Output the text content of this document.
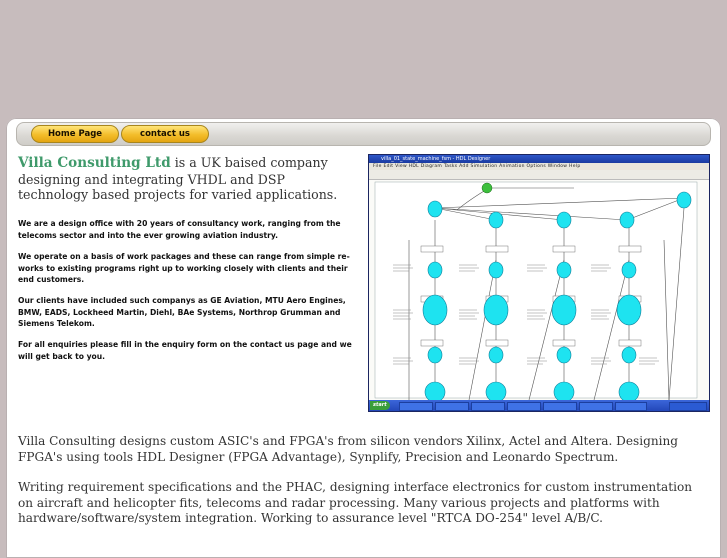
Home Page	contact us
Villa Consulting Ltd is a UK baised company designing and integrating VHDL and DSP technology based projects for varied applications.

We are a design office with 20 years of consultancy work, ranging from the telecoms sector and into the ever growing aviation industry.

We operate on a basis of work packages and these can range from simple re-works to existing programs right up to working closely with clients and their end customers.

Our clients have included such companys as GE Aviation, MTU Aero Engines, BMW, EADS, Lockheed Martin, Diehl, BAe Systems, Northrop Grumman and Siemens Telekom.

For all enquiries please fill in the enquiry form on the contact us page and we will get back to you.

villa_01_state_machine_fsm - HDL Designer
File Edit View HDL Diagram Tasks Add Simulation Animation Options Window Help
start

Villa Consulting designs custom ASIC's and FPGA's from silicon vendors Xilinx, Actel and Altera. Designing FPGA's using tools HDL Designer (FPGA Advantage), Synplify, Precision and Leonardo Spectrum.

Writing requirement specifications and the PHAC, designing interface electronics for custom instrumentation on aircraft and helicopter fits, telecoms and radar processing. Many various projects and platforms with hardware/software/system integration. Working to assurance level "RTCA DO-254" level A/B/C.
